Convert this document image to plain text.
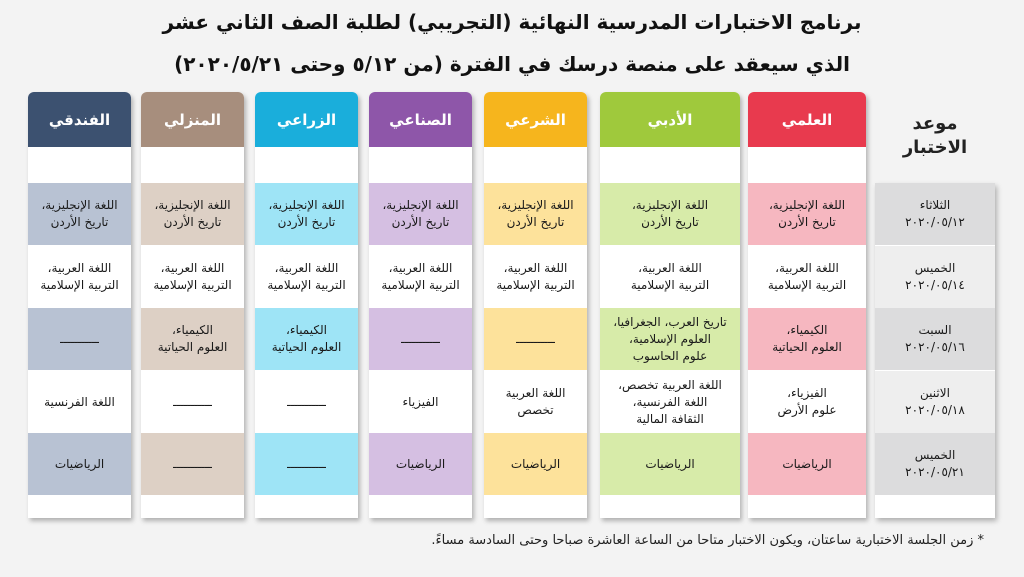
برنامج الاختبارات المدرسية النهائية (التجريبي) لطلبة الصف الثاني عشر
الذي سيعقد على منصة درسك في الفترة (من ٥/١٢ وحتى ٢٠٢٠/٥/٢١)
موعد
الاختبار
الثلاثاء
٢٠٢٠/٠٥/١٢
الخميس
٢٠٢٠/٠٥/١٤
السبت
٢٠٢٠/٠٥/١٦
الاثنين
٢٠٢٠/٠٥/١٨
الخميس
٢٠٢٠/٠٥/٢١
العلمي
اللغة الإنجليزية،
تاريخ الأردن
اللغة العربية،
التربية الإسلامية
الكيمياء،
العلوم الحياتية
الفيزياء،
علوم الأرض
الرياضيات
الأدبي
اللغة الإنجليزية،
تاريخ الأردن
اللغة العربية،
التربية الإسلامية
تاريخ العرب، الجغرافيا،
العلوم الإسلامية،
علوم الحاسوب
اللغة العربية تخصص،
اللغة الفرنسية،
الثقافة المالية
الرياضيات
الشرعي
اللغة الإنجليزية،
تاريخ الأردن
اللغة العربية،
التربية الإسلامية
ـــــــــــ
اللغة العربية
تخصص
الرياضيات
الصناعي
اللغة الإنجليزية،
تاريخ الأردن
اللغة العربية،
التربية الإسلامية
ـــــــــــ
الفيزياء
الرياضيات
الزراعي
اللغة الإنجليزية،
تاريخ الأردن
اللغة العربية،
التربية الإسلامية
الكيمياء،
العلوم الحياتية
ـــــــــــ
ـــــــــــ
المنزلي
اللغة الإنجليزية،
تاريخ الأردن
اللغة العربية،
التربية الإسلامية
الكيمياء،
العلوم الحياتية
ـــــــــــ
ـــــــــــ
الفندقي
اللغة الإنجليزية،
تاريخ الأردن
اللغة العربية،
التربية الإسلامية
ـــــــــــ
اللغة الفرنسية
الرياضيات
* زمن الجلسة الاختبارية ساعتان، ويكون الاختبار متاحا من الساعة العاشرة صباحا وحتى السادسة مساءً.
